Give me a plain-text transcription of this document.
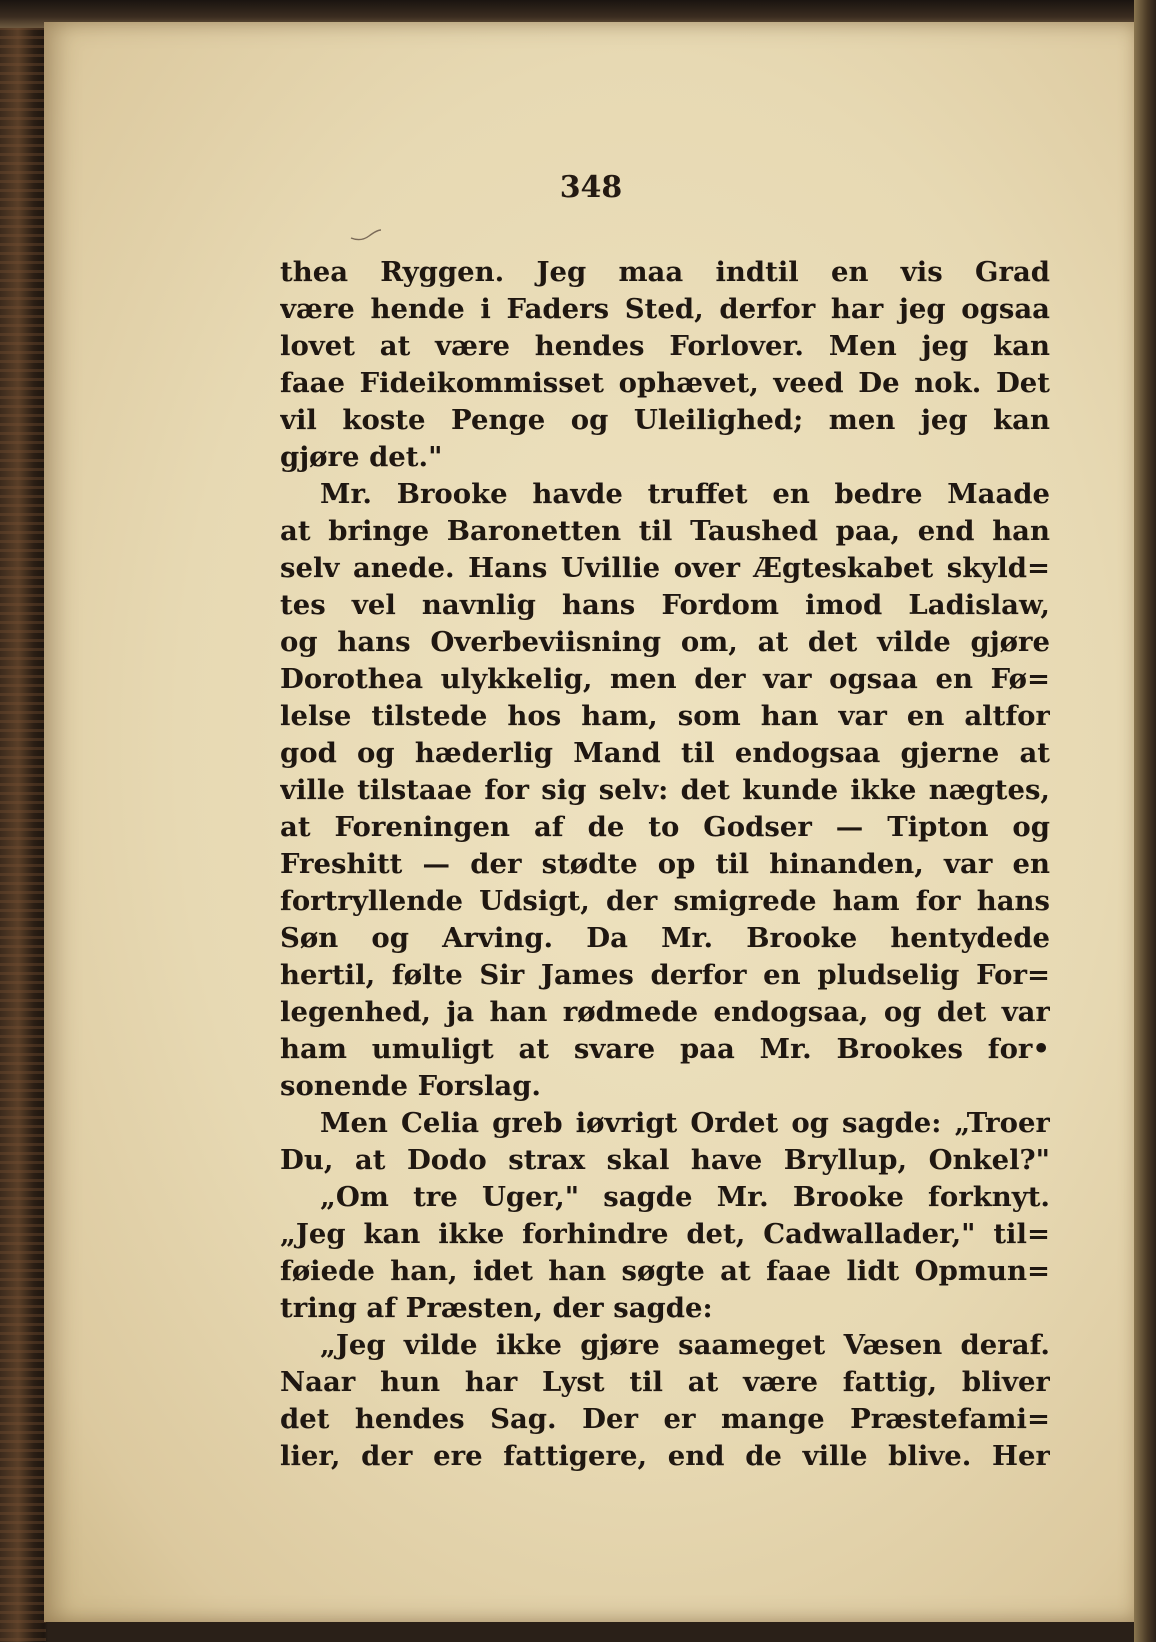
348
thea Ryggen. Jeg maa indtil en vis Grad
være hende i Faders Sted, derfor har jeg ogsaa
lovet at være hendes Forlover. Men jeg kan
faae Fideikommisset ophævet, veed De nok. Det
vil koste Penge og Uleilighed; men jeg kan
gjøre det."
Mr. Brooke havde truffet en bedre Maade
at bringe Baronetten til Taushed paa, end han
selv anede. Hans Uvillie over Ægteskabet skyld=
tes vel navnlig hans Fordom imod Ladislaw,
og hans Overbeviisning om, at det vilde gjøre
Dorothea ulykkelig, men der var ogsaa en Fø=
lelse tilstede hos ham, som han var en altfor
god og hæderlig Mand til endogsaa gjerne at
ville tilstaae for sig selv: det kunde ikke nægtes,
at Foreningen af de to Godser — Tipton og
Freshitt — der stødte op til hinanden, var en
fortryllende Udsigt, der smigrede ham for hans
Søn og Arving. Da Mr. Brooke hentydede
hertil, følte Sir James derfor en pludselig For=
legenhed, ja han rødmede endogsaa, og det var
ham umuligt at svare paa Mr. Brookes for•
sonende Forslag.
Men Celia greb iøvrigt Ordet og sagde: „Troer
Du, at Dodo strax skal have Bryllup, Onkel?"
„Om tre Uger," sagde Mr. Brooke forknyt.
„Jeg kan ikke forhindre det, Cadwallader," til=
føiede han, idet han søgte at faae lidt Opmun=
tring af Præsten, der sagde:
„Jeg vilde ikke gjøre saameget Væsen deraf.
Naar hun har Lyst til at være fattig, bliver
det hendes Sag. Der er mange Præstefami=
lier, der ere fattigere, end de ville blive. Her
